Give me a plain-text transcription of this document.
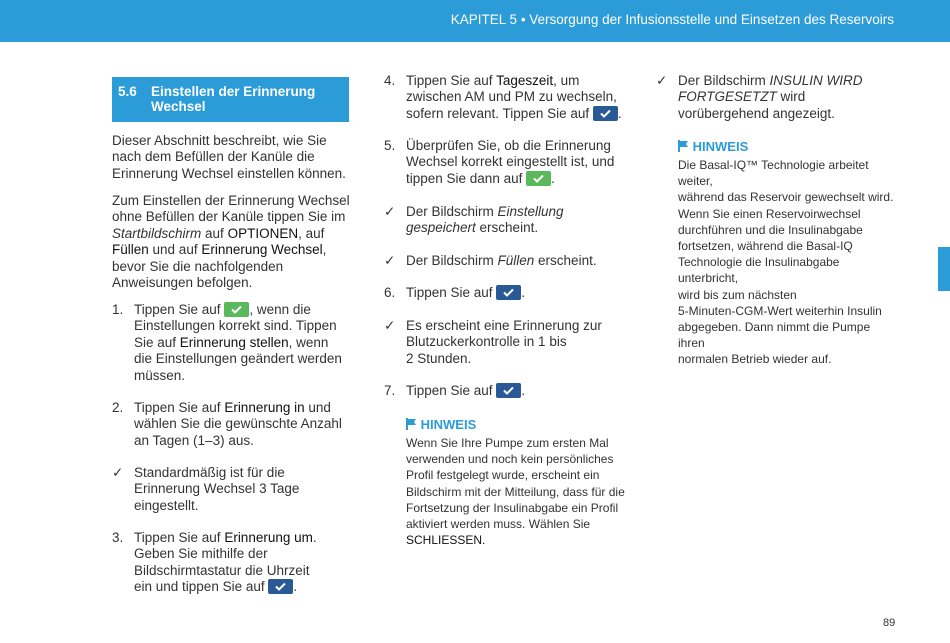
KAPITEL 5 • Versorgung der Infusionsstelle und Einsetzen des Reservoirs
5.6 Einstellen der Erinnerung
Wechsel
Dieser Abschnitt beschreibt, wie Sie
nach dem Befüllen der Kanüle die
Erinnerung Wechsel einstellen können.
Zum Einstellen der Erinnerung Wechsel
ohne Befüllen der Kanüle tippen Sie im
Startbildschirm auf OPTIONEN, auf
Füllen und auf Erinnerung Wechsel,
bevor Sie die nachfolgenden
Anweisungen befolgen.
1. Tippen Sie auf
, wenn die
Einstellungen korrekt sind. Tippen
Sie auf Erinnerung stellen, wenn
die Einstellungen geändert werden
müssen.
2. Tippen Sie auf Erinnerung in und
wählen Sie die gewünschte Anzahl
an Tagen (1–3) aus.
✓ Standardmäßig ist für die
Erinnerung Wechsel 3 Tage
eingestellt.
3. Tippen Sie auf Erinnerung um.
Geben Sie mithilfe der
Bildschirmtastatur die Uhrzeit
ein und tippen Sie auf
.
4. Tippen Sie auf Tageszeit, um
zwischen AM und PM zu wechseln,
sofern relevant. Tippen Sie auf
.
5. Überprüfen Sie, ob die Erinnerung
Wechsel korrekt eingestellt ist, und
tippen Sie dann auf
.
✓ Der Bildschirm Einstellung
gespeichert erscheint.
✓ Der Bildschirm Füllen erscheint.
6. Tippen Sie auf
.
✓ Es erscheint eine Erinnerung zur
Blutzuckerkontrolle in 1 bis
2 Stunden.
7. Tippen Sie auf
.
HINWEIS
Wenn Sie Ihre Pumpe zum ersten Mal
verwenden und noch kein persönliches
Profil festgelegt wurde, erscheint ein
Bildschirm mit der Mitteilung, dass für die
Fortsetzung der Insulinabgabe ein Profil
aktiviert werden muss. Wählen Sie
SCHLIESSEN.
✓ Der Bildschirm INSULIN WIRD
FORTGESETZT wird
vorübergehend angezeigt.
HINWEIS
Die Basal-IQ™ Technologie arbeitet weiter,
während das Reservoir gewechselt wird.
Wenn Sie einen Reservoirwechsel
durchführen und die Insulinabgabe
fortsetzen, während die Basal-IQ
Technologie die Insulinabgabe unterbricht,
wird bis zum nächsten
5-Minuten-CGM-Wert weiterhin Insulin
abgegeben. Dann nimmt die Pumpe ihren
normalen Betrieb wieder auf.
89
